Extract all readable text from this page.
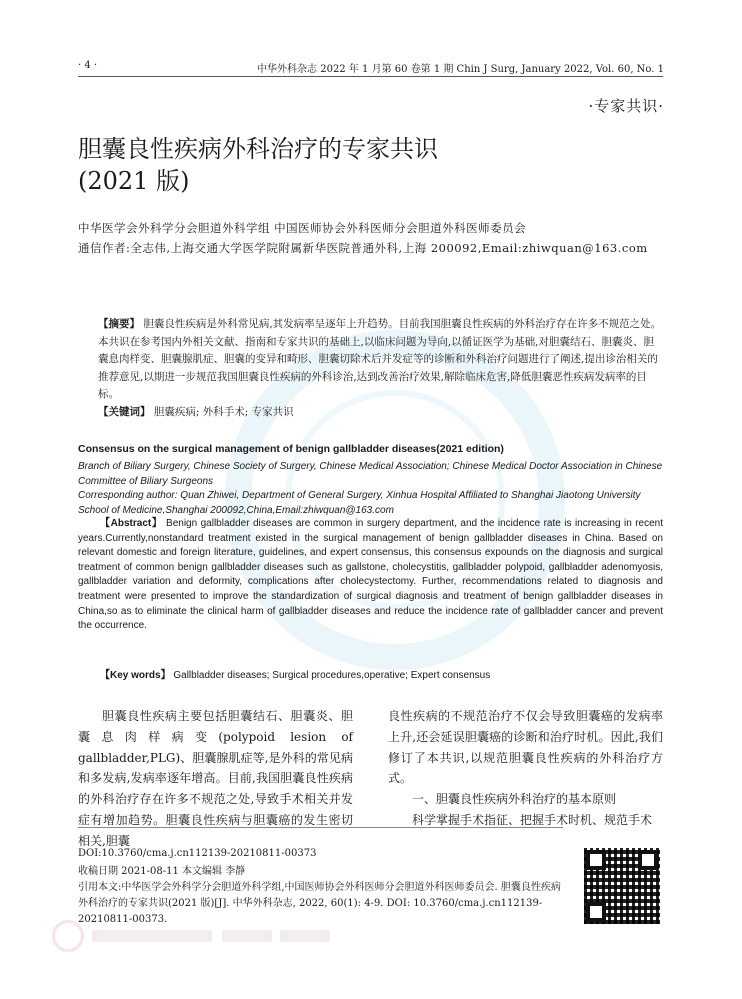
· 4 ·	中华外科杂志 2022 年 1 月第 60 卷第 1 期 Chin J Surg, January 2022, Vol. 60, No. 1
·专家共识·
胆囊良性疾病外科治疗的专家共识
(2021 版)
中华医学会外科学分会胆道外科学组 中国医师协会外科医师分会胆道外科医师委员会
通信作者:全志伟,上海交通大学医学院附属新华医院普通外科,上海 200092,Email:zhiwquan@163.com
【摘要】 胆囊良性疾病是外科常见病,其发病率呈逐年上升趋势。目前我国胆囊良性疾病的外科治疗存在许多不规范之处。本共识在参考国内外相关文献、指南和专家共识的基础上,以临床问题为导向,以循证医学为基础,对胆囊结石、胆囊炎、胆囊息肉样变、胆囊腺肌症、胆囊的变异和畸形、胆囊切除术后并发症等的诊断和外科治疗问题进行了阐述,提出诊治相关的推荐意见,以期进一步规范我国胆囊良性疾病的外科诊治,达到改善治疗效果,解除临床危害,降低胆囊恶性疾病发病率的目标。
【关键词】 胆囊疾病; 外科手术; 专家共识
Consensus on the surgical management of benign gallbladder diseases(2021 edition)
Branch of Biliary Surgery, Chinese Society of Surgery, Chinese Medical Association; Chinese Medical Doctor Association in Chinese Committee of Biliary Surgeons
Corresponding author: Quan Zhiwei, Department of General Surgery, Xinhua Hospital Affiliated to Shanghai Jiaotong University School of Medicine,Shanghai 200092,China,Email:zhiwquan@163.com
【Abstract】 Benign gallbladder diseases are common in surgery department, and the incidence rate is increasing in recent years.Currently,nonstandard treatment existed in the surgical management of benign gallbladder diseases in China. Based on relevant domestic and foreign literature, guidelines, and expert consensus, this consensus expounds on the diagnosis and surgical treatment of common benign gallbladder diseases such as gallstone, cholecystitis, gallbladder polypoid, gallbladder adenomyosis, gallbladder variation and deformity, complications after cholecystectomy. Further, recommendations related to diagnosis and treatment were presented to improve the standardization of surgical diagnosis and treatment of benign gallbladder diseases in China,so as to eliminate the clinical harm of gallbladder diseases and reduce the incidence rate of gallbladder cancer and prevent the occurrence.
【Key words】 Gallbladder diseases; Surgical procedures,operative; Expert consensus
胆囊良性疾病主要包括胆囊结石、胆囊炎、胆囊息肉样病变(polypoid lesion of gallbladder,PLG)、胆囊腺肌症等,是外科的常见病和多发病,发病率逐年增高。目前,我国胆囊良性疾病的外科治疗存在许多不规范之处,导致手术相关并发症有增加趋势。胆囊良性疾病与胆囊癌的发生密切相关,胆囊
良性疾病的不规范治疗不仅会导致胆囊癌的发病率上升,还会延误胆囊癌的诊断和治疗时机。因此,我们修订了本共识,以规范胆囊良性疾病的外科治疗方式。
一、胆囊良性疾病外科治疗的基本原则
科学掌握手术指征、把握手术时机、规范手术
DOI:10.3760/cma.j.cn112139-20210811-00373
收稿日期 2021-08-11 本文编辑 李静
引用本文:中华医学会外科学分会胆道外科学组,中国医师协会外科医师分会胆道外科医师委员会. 胆囊良性疾病外科治疗的专家共识(2021 版)[J]. 中华外科杂志, 2022, 60(1): 4-9. DOI: 10.3760/cma.j.cn112139-20210811-00373.
